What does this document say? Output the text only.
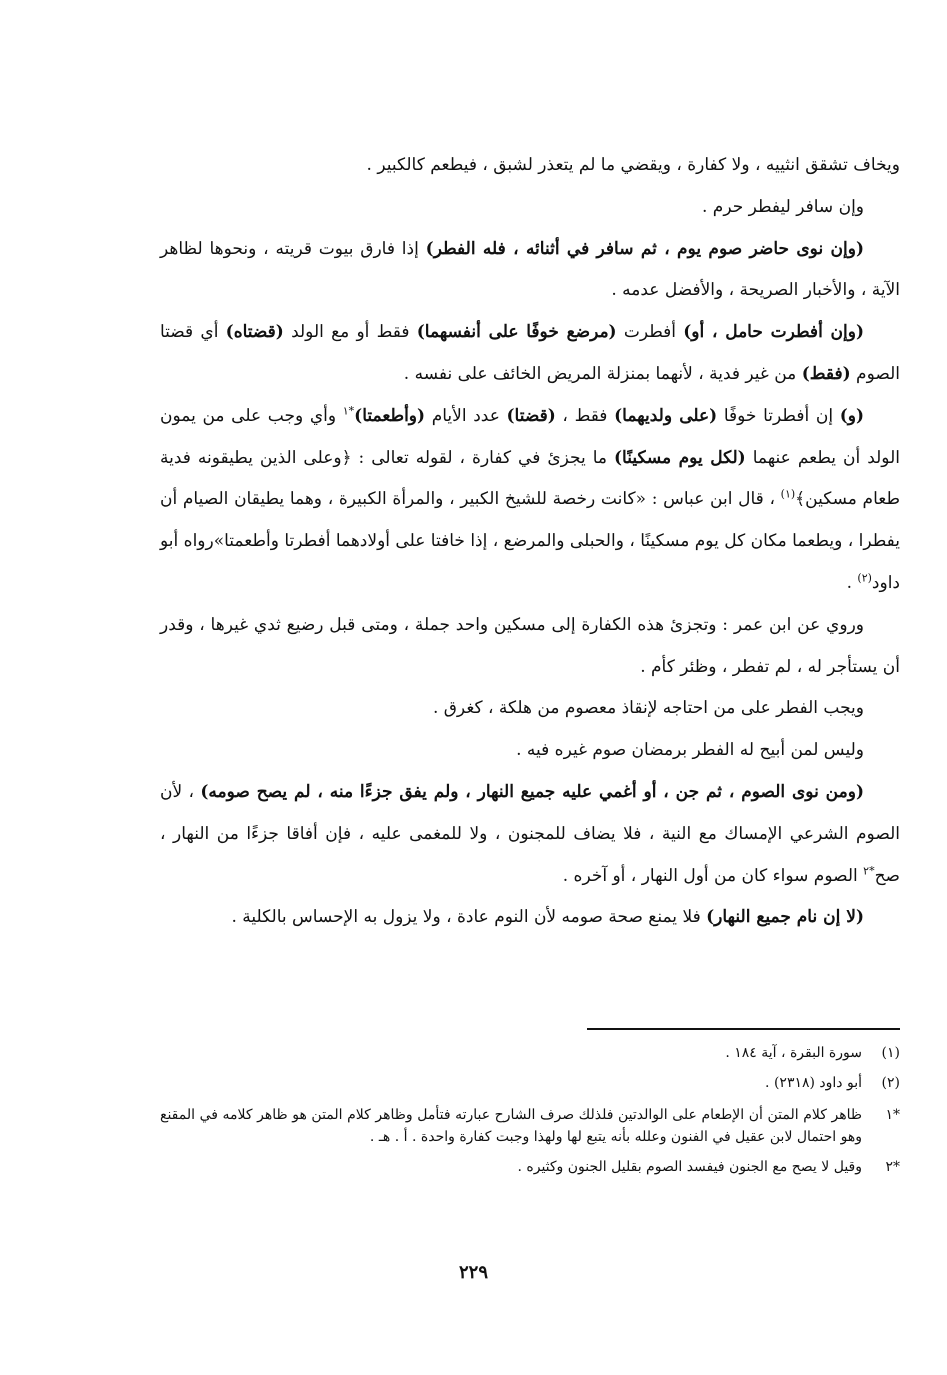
ويخاف تشقق انثييه ، ولا كفارة ، ويقضي ما لم يتعذر لشبق ، فيطعم كالكبير .

وإن سافر ليفطر حرم .

(وإن نوى حاضر صوم يوم ، ثم سافر في أثنائه ، فله الفطر) إذا فارق بيوت قريته ، ونحوها لظاهر الآية ، والأخبار الصريحة ، والأفضل عدمه .

(وإن أفطرت حامل ، أو) أفطرت (مرضع خوفًا على أنفسهما) فقط أو مع الولد (قضتاه) أي قضتا الصوم (فقط) من غير فدية ، لأنهما بمنزلة المريض الخائف على نفسه .

(و) إن أفطرتا خوفًا (على ولديهما) فقط ، (قضتا) عدد الأيام (وأطعمتا)$^{*١}$ وأي وجب على من يمون الولد أن يطعم عنهما (لكل يوم مسكينًا) ما يجزئ في كفارة ، لقوله تعالى : ﴿وعلى الذين يطيقونه فدية طعام مسكين﴾$^{(١)}$ ، قال ابن عباس : «كانت رخصة للشيخ الكبير ، والمرأة الكبيرة ، وهما يطيقان الصيام أن يفطرا ، ويطعما مكان كل يوم مسكينًا ، والحبلى والمرضع ، إذا خافتا على أولادهما أفطرتا وأطعمتا»رواه أبو داود$^{(٢)}$ .

وروي عن ابن عمر : وتجزئ هذه الكفارة إلى مسكين واحد جملة ، ومتى قبل رضيع ثدي غيرها ، وقدر أن يستأجر له ، لم تفطر ، وظئر كأم .

ويجب الفطر على من احتاجه لإنقاذ معصوم من هلكة ، كغرق .

وليس لمن أبيح له الفطر برمضان صوم غيره فيه .

(ومن نوى الصوم ، ثم جن ، أو أغمي عليه جميع النهار ، ولم يفق جزءًا منه ، لم يصح صومه) ، لأن الصوم الشرعي الإمساك مع النية ، فلا يضاف للمجنون ، ولا للمغمى عليه ، فإن أفاقا جزءًا من النهار ، صح$^{*٢}$ الصوم سواء كان من أول النهار ، أو آخره .

(لا إن نام جميع النهار) فلا يمنع صحة صومه لأن النوم عادة ، ولا يزول به الإحساس بالكلية .

(١)
سورة البقرة ، آية ١٨٤ .
(٢)
أبو داود (٢٣١٨) .
*١
ظاهر كلام المتن أن الإطعام على الوالدتين فلذلك صرف الشارح عبارته فتأمل وظاهر كلام المتن هو ظاهر كلامه في المقنع وهو احتمال لابن عقيل في الفنون وعلله بأنه يتبع لها ولهذا وجبت كفارة واحدة . أ . هـ .
*٢
وقيل لا يصح مع الجنون فيفسد الصوم بقليل الجنون وكثيره .
٢٢٩
